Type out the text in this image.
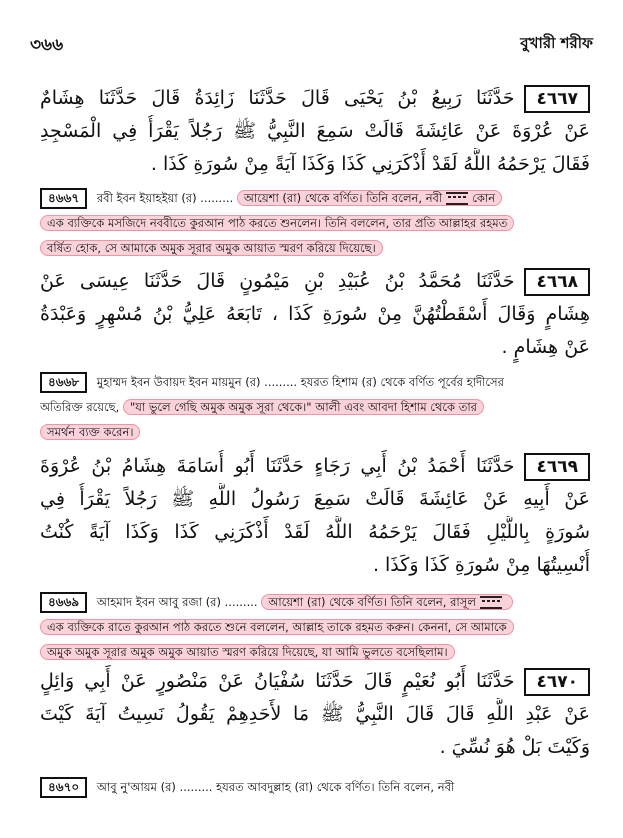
৩৬৬	বুখারী শরীফ
٤٦٦٧حَدَّثَنَا رَبِيعُ بْنُ يَحْيَى قَالَ حَدَّثَنَا زَائِدَةُ قَالَ حَدَّثَنَا هِشَامٌ
عَنْ عُرْوَةَ عَنْ عَائِشَةَ قَالَتْ سَمِعَ النَّبِيُّ ﷺ رَجُلاً يَقْرَأُ فِي الْمَسْجِدِ
فَقَالَ يَرْحَمُهُ اللَّهُ لَقَدْ أَذْكَرَنِي كَذَا وَكَذَا آيَةً مِنْ سُورَةِ كَذَا .
৪৬৬৭ রবী ইবন ইয়াহইয়া (র) ......... আয়েশা (রা) থেকে বর্ণিত। তিনি বলেন, নবী	কোন
এক ব্যক্তিকে মসজিদে নববীতে কুরআন পাঠ করতে শুনলেন। তিনি বললেন, তার প্রতি আল্লাহর রহমত
বর্ষিত হোক, সে আমাকে অমুক সূরার অমুক আয়াত স্মরণ করিয়ে দিয়েছে।
٤٦٦٨حَدَّثَنَا مُحَمَّدُ بْنُ عُبَيْدِ بْنِ مَيْمُونٍ قَالَ حَدَّثَنَا عِيسَى عَنْ
هِشَامٍ وَقَالَ أَسْقَطْتُهُنَّ مِنْ سُورَةِ كَذَا ، تَابَعَهُ عَلِيُّ بْنُ مُسْهِرٍ وَعَبْدَةُ
عَنْ هِشَامٍ .
৪৬৬৮ মুহাম্মদ ইবন উবায়দ ইবন মায়মুন (র) ......... হযরত হিশাম (র) থেকে বর্ণিত পূর্বের হাদীসের
অতিরিক্ত রয়েছে, "যা ভুলে গেছি অমুক অমুক সূরা থেকে।" আলী এবং আবদা হিশাম থেকে তার
সমর্থন ব্যক্ত করেন।
٤٦٦٩حَدَّثَنَا أَحْمَدُ بْنُ أَبِي رَجَاءٍ حَدَّثَنَا أَبُو أُسَامَةَ هِشَامُ بْنُ عُرْوَةَ
عَنْ أَبِيهِ عَنْ عَائِشَةَ قَالَتْ سَمِعَ رَسُولُ اللَّهِ ﷺ رَجُلاً يَقْرَأُ فِي
سُورَةٍ بِاللَّيْلِ فَقَالَ يَرْحَمُهُ اللَّهُ لَقَدْ أَذْكَرَنِي كَذَا وَكَذَا آيَةً كُنْتُ
أُنْسِيتُهَا مِنْ سُورَةِ كَذَا وَكَذَا .
৪৬৬৯ আহমাদ ইবন আবু রজা (র) ......... আয়েশা (রা) থেকে বর্ণিত। তিনি বলেন, রাসূল
এক ব্যক্তিকে রাতে কুরআন পাঠ করতে শুনে বললেন, আল্লাহ তাকে রহমত করুন। কেননা, সে আমাকে
অমুক অমুক সূরার অমুক অমুক আয়াত স্মরণ করিয়ে দিয়েছে, যা আমি ভুলতে বসেছিলাম।
٤٦٧٠حَدَّثَنَا أَبُو نُعَيْمٍ قَالَ حَدَّثَنَا سُفْيَانُ عَنْ مَنْصُورٍ عَنْ أَبِي وَائِلٍ
عَنْ عَبْدِ اللَّهِ قَالَ قَالَ النَّبِيُّ ﷺ مَا لأَحَدِهِمْ يَقُولُ نَسِيتُ آيَةَ كَيْتَ
وَكَيْتَ بَلْ هُوَ نُسِّيَ .
৪৬৭০ আবু নু'আয়ম (র) ......... হযরত আবদুল্লাহ (রা) থেকে বর্ণিত। তিনি বলেন, নবী
